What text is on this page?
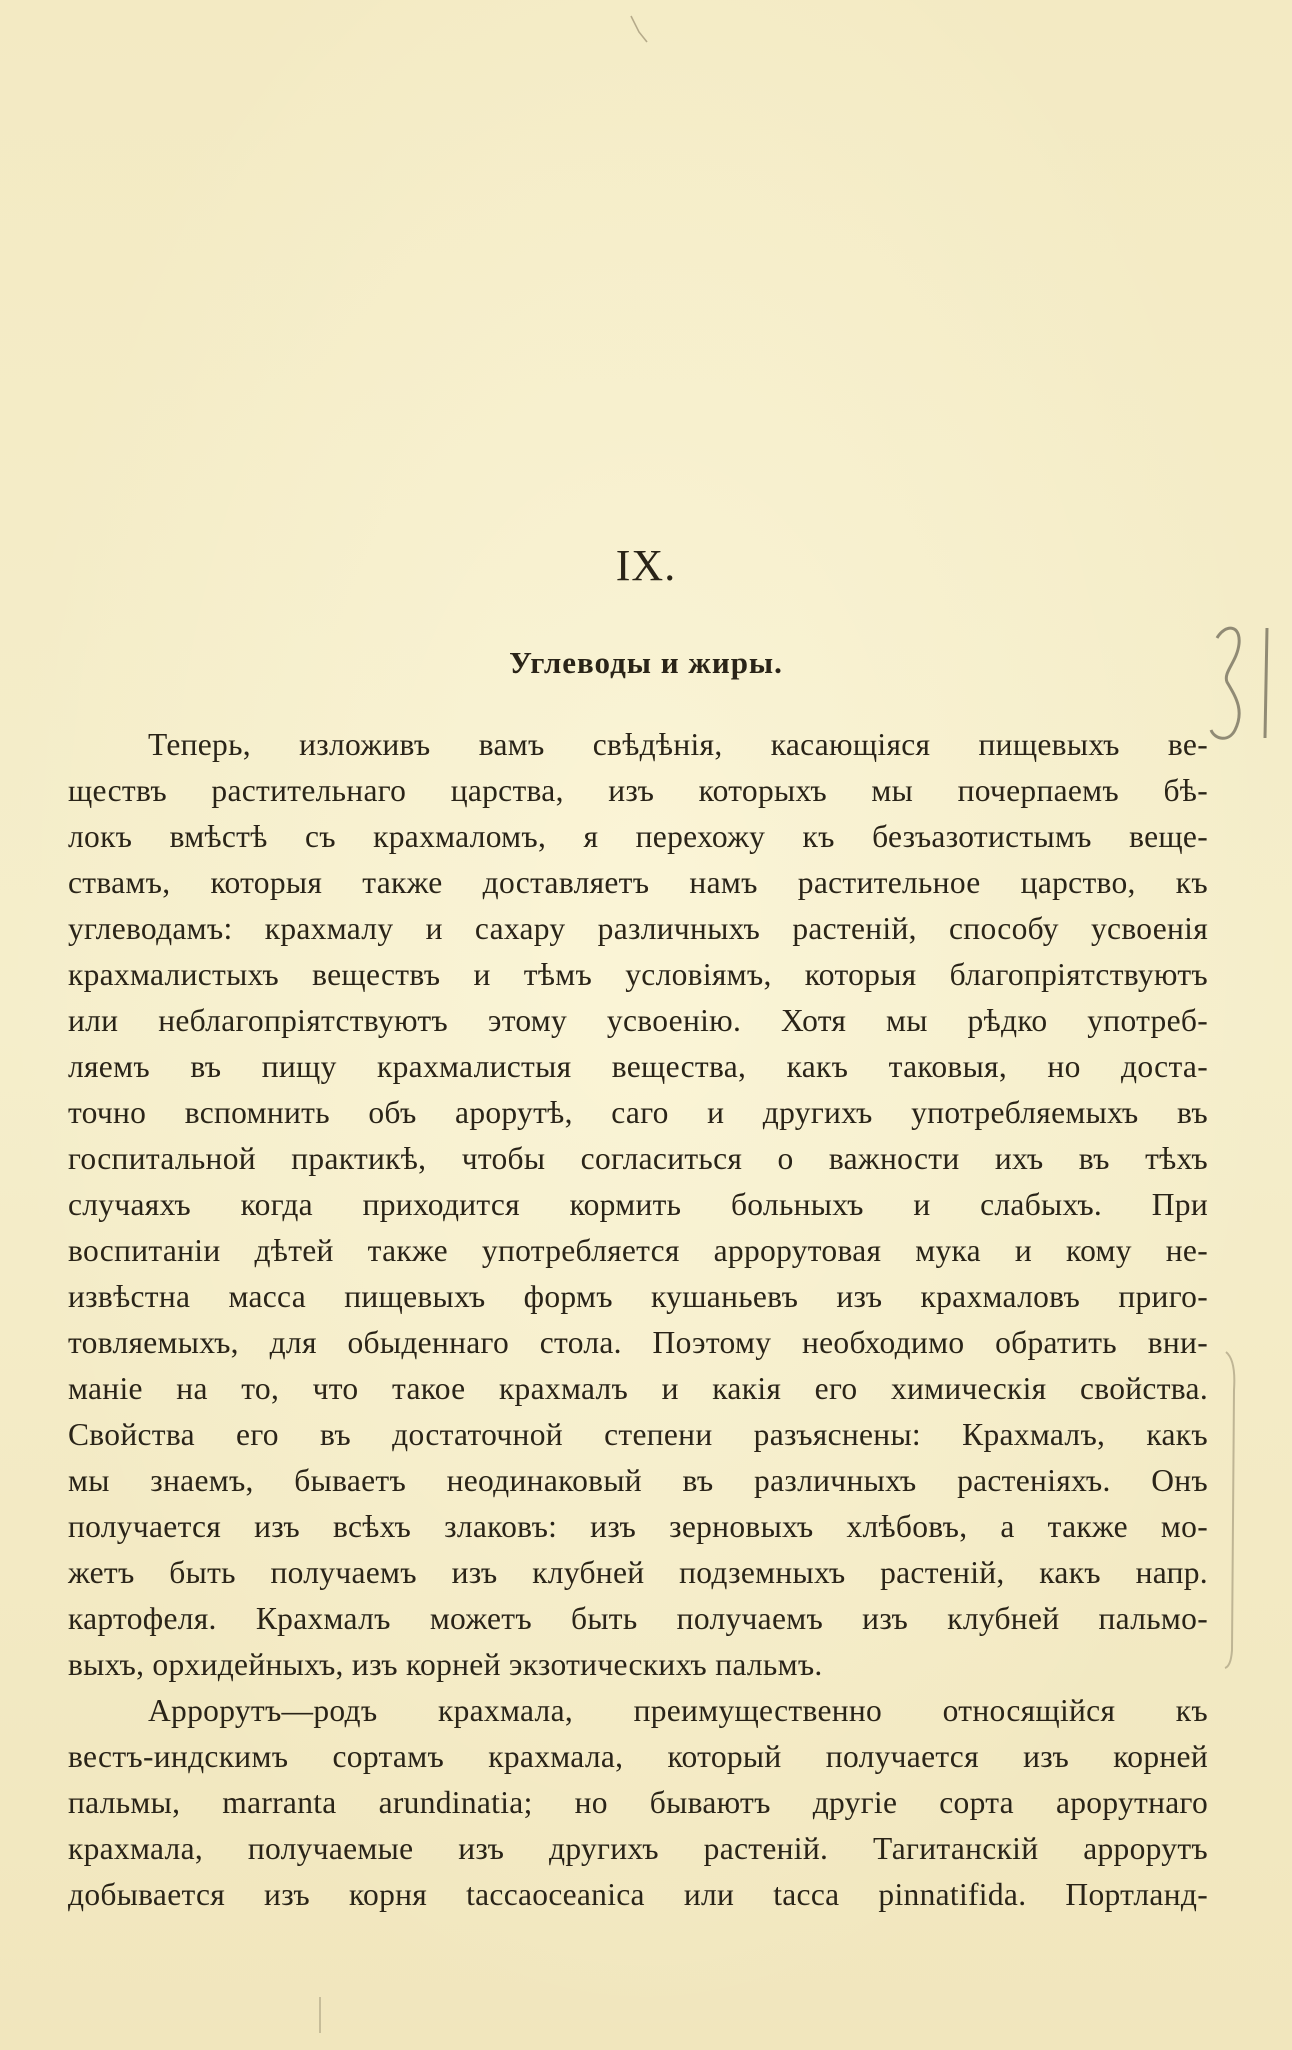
IX.
Углеводы и жиры.
Теперь, изложивъ вамъ свѣдѣнія, касающіяся пищевыхъ ве-
ществъ растительнаго царства, изъ которыхъ мы почерпаемъ бѣ-
локъ вмѣстѣ съ крахмаломъ, я перехожу къ безъазотистымъ веще-
ствамъ, которыя также доставляетъ намъ растительное царство, къ
углеводамъ: крахмалу и сахару различныхъ растеній, способу усвоенія
крахмалистыхъ веществъ и тѣмъ условіямъ, которыя благопріятствуютъ
или неблагопріятствуютъ этому усвоенію. Хотя мы рѣдко употреб-
ляемъ въ пищу крахмалистыя вещества, какъ таковыя, но доста-
точно вспомнить объ арорутѣ, саго и другихъ употребляемыхъ въ
госпитальной практикѣ, чтобы согласиться о важности ихъ въ тѣхъ
случаяхъ когда приходится кормить больныхъ и слабыхъ. При
воспитаніи дѣтей также употребляется аррорутовая мука и кому не-
извѣстна масса пищевыхъ формъ кушаньевъ изъ крахмаловъ приго-
товляемыхъ, для обыденнаго стола. Поэтому необходимо обратить вни-
маніе на то, что такое крахмалъ и какія его химическія свойства.
Свойства его въ достаточной степени разъяснены: Крахмалъ, какъ
мы знаемъ, бываетъ неодинаковый въ различныхъ растеніяхъ. Онъ
получается изъ всѣхъ злаковъ: изъ зерновыхъ хлѣбовъ, а также мо-
жетъ быть получаемъ изъ клубней подземныхъ растеній, какъ напр.
картофеля. Крахмалъ можетъ быть получаемъ изъ клубней пальмо-
выхъ, орхидейныхъ, изъ корней экзотическихъ пальмъ.
Аррорутъ—родъ крахмала, преимущественно относящійся къ
вестъ-индскимъ сортамъ крахмала, который получается изъ корней
пальмы, marranta arundinatia; но бываютъ другіе сорта арорутнаго
крахмала, получаемые изъ другихъ растеній. Тагитанскій аррорутъ
добывается изъ корня taccaoceanica или tacca pinnatifida. Портланд-
